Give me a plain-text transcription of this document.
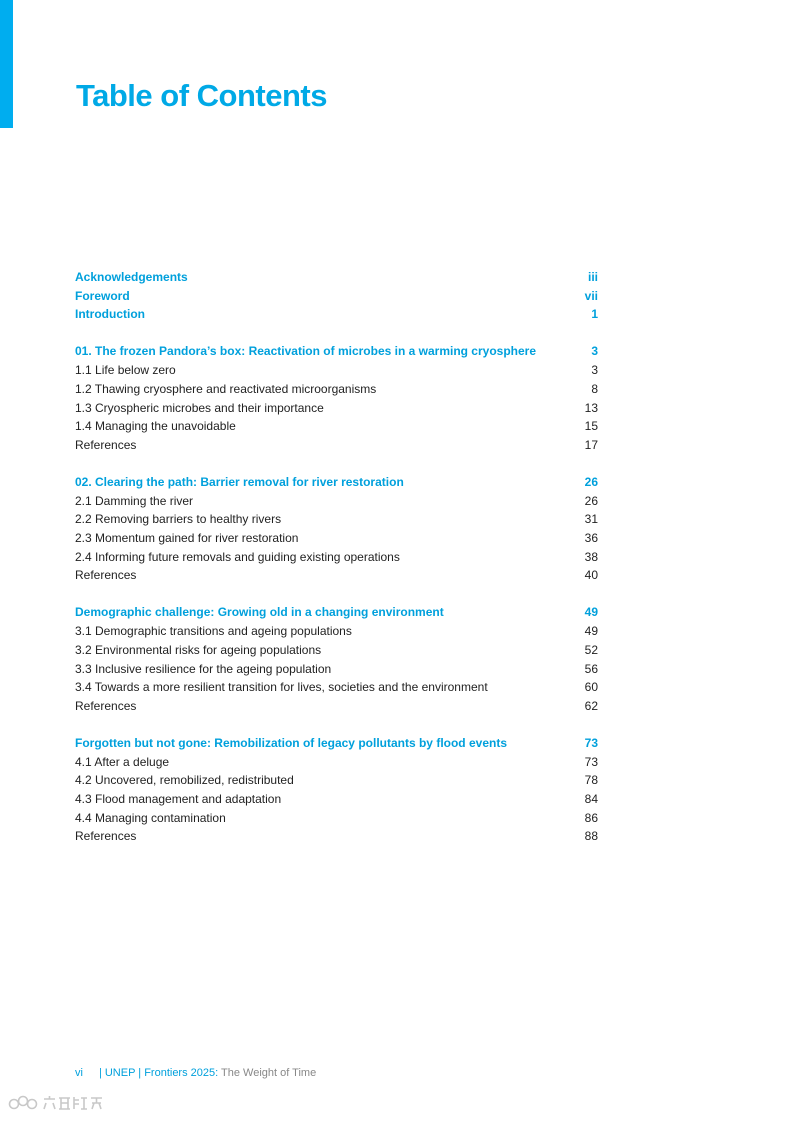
Table of Contents
Acknowledgements	iii
Foreword	vii
Introduction	1
01. The frozen Pandora’s box: Reactivation of microbes in a warming cryosphere	3
1.1 Life below zero	3
1.2 Thawing cryosphere and reactivated microorganisms	8
1.3 Cryospheric microbes and their importance	13
1.4 Managing the unavoidable	15
References	17
02. Clearing the path: Barrier removal for river restoration	26
2.1 Damming the river	26
2.2 Removing barriers to healthy rivers	31
2.3 Momentum gained for river restoration	36
2.4 Informing future removals and guiding existing operations	38
References	40
Demographic challenge: Growing old in a changing environment	49
3.1 Demographic transitions and ageing populations	49
3.2 Environmental risks for ageing populations	52
3.3 Inclusive resilience for the ageing population	56
3.4 Towards a more resilient transition for lives, societies and the environment	60
References	62
Forgotten but not gone: Remobilization of legacy pollutants by flood events	73
4.1 After a deluge	73
4.2 Uncovered, remobilized, redistributed	78
4.3 Flood management and adaptation	84
4.4 Managing contamination	86
References	88
vi | UNEP | Frontiers 2025: The Weight of Time
